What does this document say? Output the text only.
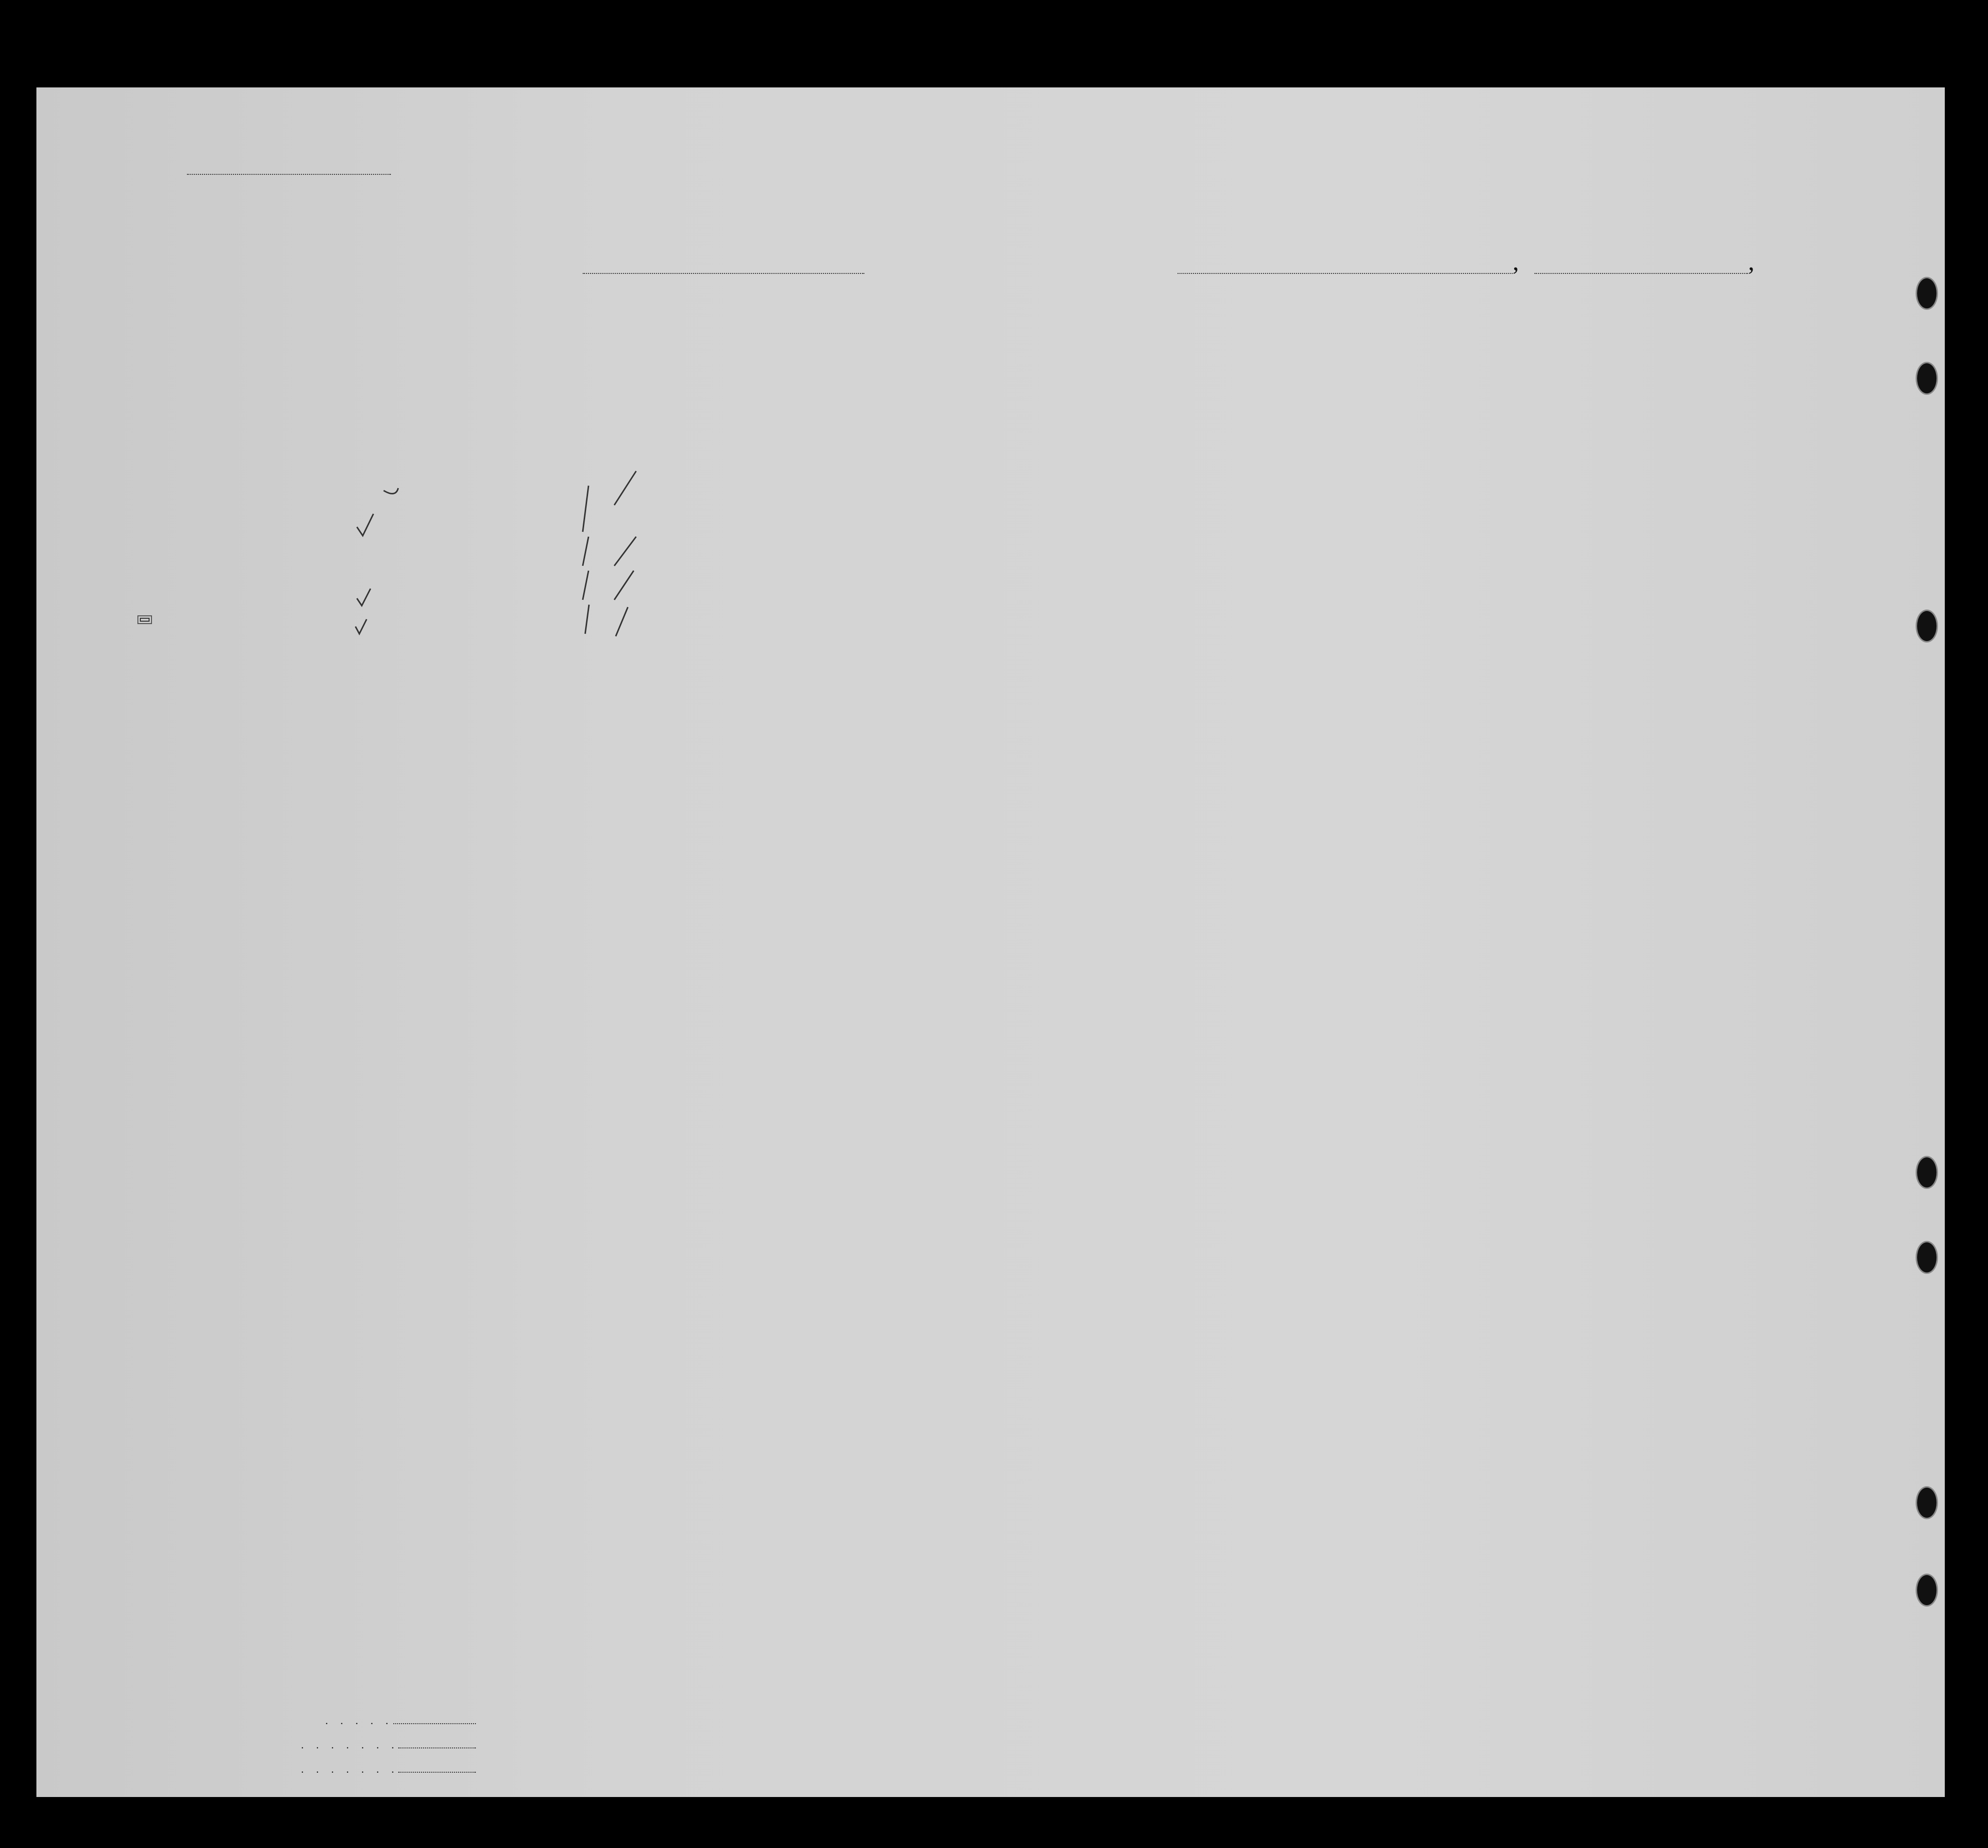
,	,
. . . . .
. . . . . . .
. . . . . . .
